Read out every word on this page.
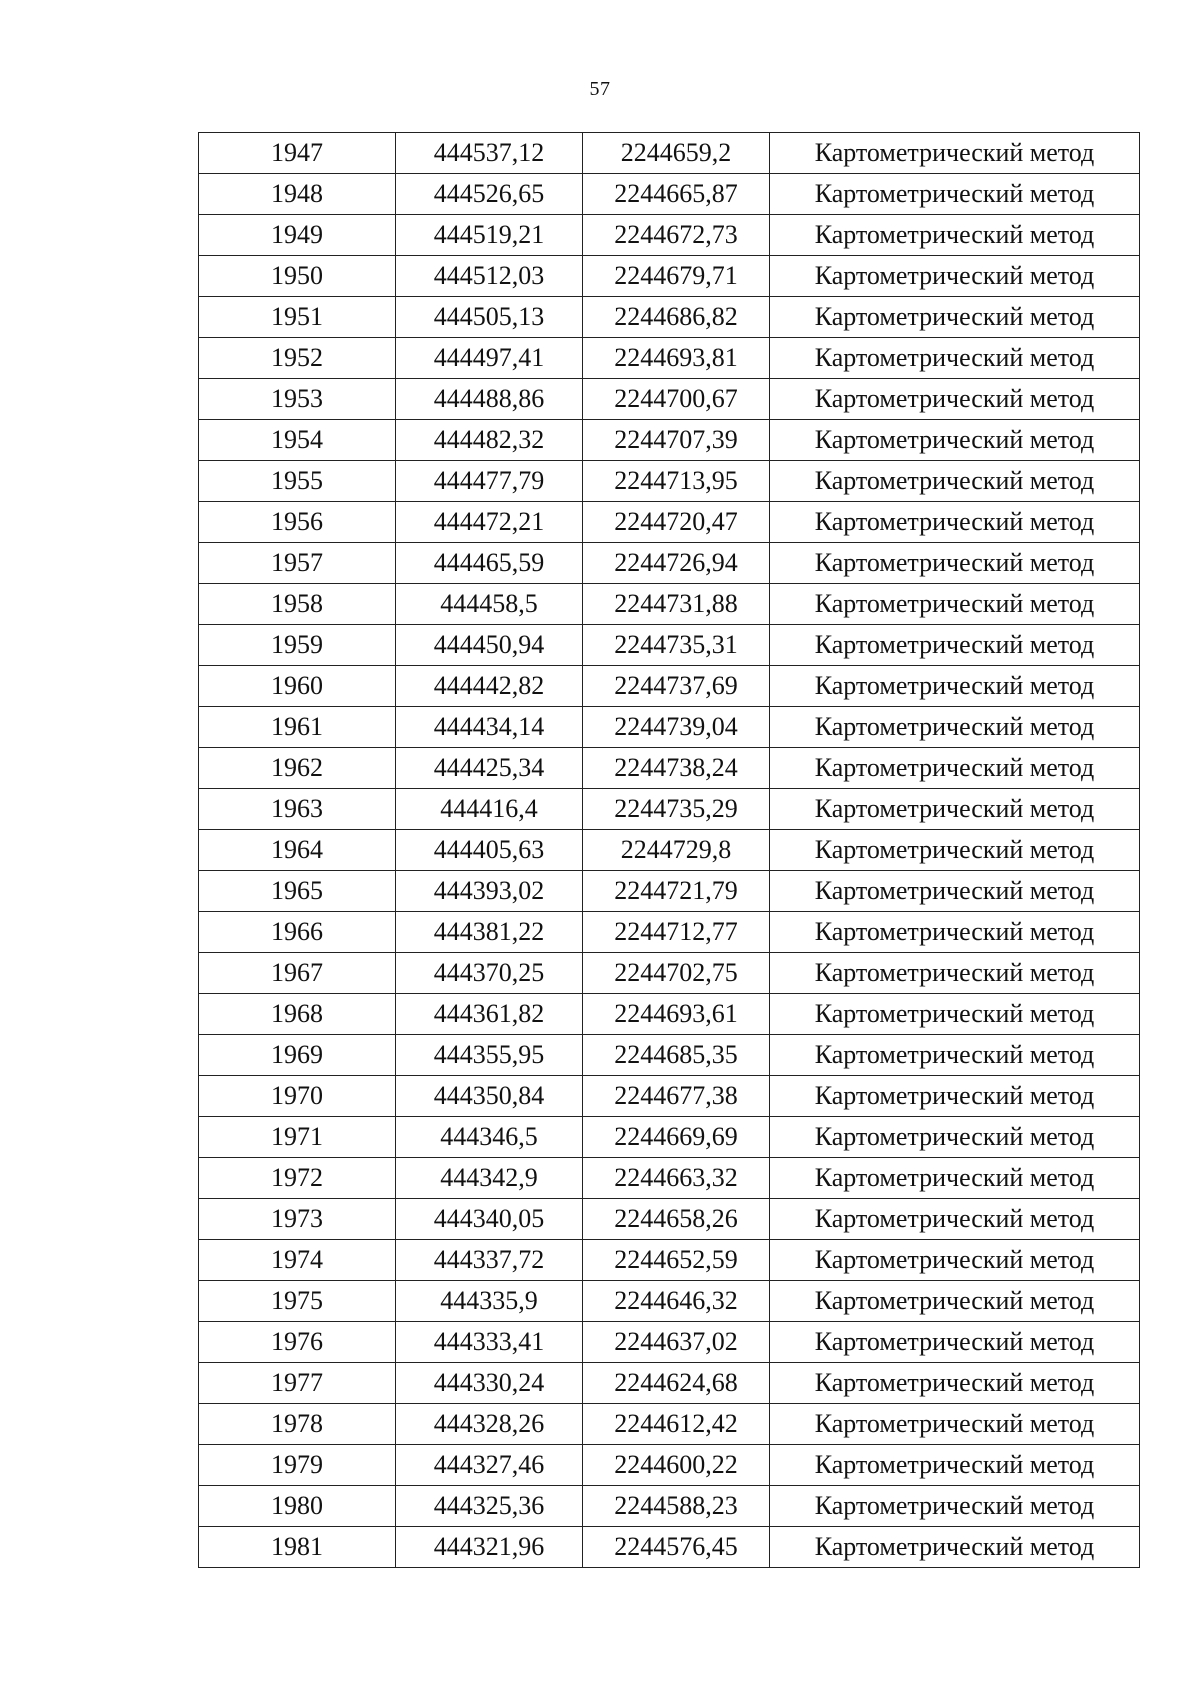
57
1947	444537,12	2244659,2	Картометрический метод
1948	444526,65	2244665,87	Картометрический метод
1949	444519,21	2244672,73	Картометрический метод
1950	444512,03	2244679,71	Картометрический метод
1951	444505,13	2244686,82	Картометрический метод
1952	444497,41	2244693,81	Картометрический метод
1953	444488,86	2244700,67	Картометрический метод
1954	444482,32	2244707,39	Картометрический метод
1955	444477,79	2244713,95	Картометрический метод
1956	444472,21	2244720,47	Картометрический метод
1957	444465,59	2244726,94	Картометрический метод
1958	444458,5	2244731,88	Картометрический метод
1959	444450,94	2244735,31	Картометрический метод
1960	444442,82	2244737,69	Картометрический метод
1961	444434,14	2244739,04	Картометрический метод
1962	444425,34	2244738,24	Картометрический метод
1963	444416,4	2244735,29	Картометрический метод
1964	444405,63	2244729,8	Картометрический метод
1965	444393,02	2244721,79	Картометрический метод
1966	444381,22	2244712,77	Картометрический метод
1967	444370,25	2244702,75	Картометрический метод
1968	444361,82	2244693,61	Картометрический метод
1969	444355,95	2244685,35	Картометрический метод
1970	444350,84	2244677,38	Картометрический метод
1971	444346,5	2244669,69	Картометрический метод
1972	444342,9	2244663,32	Картометрический метод
1973	444340,05	2244658,26	Картометрический метод
1974	444337,72	2244652,59	Картометрический метод
1975	444335,9	2244646,32	Картометрический метод
1976	444333,41	2244637,02	Картометрический метод
1977	444330,24	2244624,68	Картометрический метод
1978	444328,26	2244612,42	Картометрический метод
1979	444327,46	2244600,22	Картометрический метод
1980	444325,36	2244588,23	Картометрический метод
1981	444321,96	2244576,45	Картометрический метод
